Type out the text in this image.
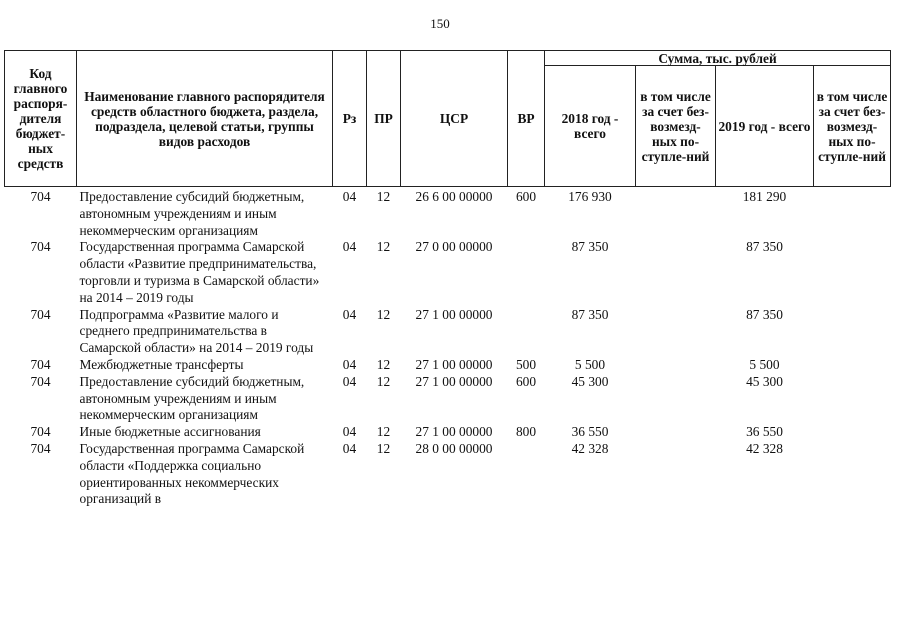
150
Код главного распоря-дителя бюджет-ных средств	Наименование главного распорядителя средств областного бюджета, раздела, подраздела, целевой статьи, группы видов расходов	Рз	ПР	ЦСР	ВР	Сумма, тыс. рублей			
						2018 год - всего	в том числе за счет без-возмезд-ных по-ступле-ний	2019 год - всего	в том числе за счет без-возмезд-ных по-ступле-ний

704	Предоставление субсидий бюджетным, автономным учреждениям и иным некоммерческим организациям	04	12	26 6 00 00000	600	176 930		181 290	
704	Государственная программа Самарской области «Развитие предпринимательства, торговли и туризма в Самарской области» на 2014 – 2019 годы	04	12	27 0 00 00000		87 350		87 350	
704	Подпрограмма «Развитие малого и среднего предпринимательства в Самарской области» на 2014 – 2019 годы	04	12	27 1 00 00000		87 350		87 350	
704	Межбюджетные трансферты	04	12	27 1 00 00000	500	5 500		5 500	
704	Предоставление субсидий бюджетным, автономным учреждениям и иным некоммерческим организациям	04	12	27 1 00 00000	600	45 300		45 300	
704	Иные бюджетные ассигнования	04	12	27 1 00 00000	800	36 550		36 550	
704	Государственная программа Самарской области «Поддержка социально ориентированных некоммерческих организаций в	04	12	28 0 00 00000		42 328		42 328	
